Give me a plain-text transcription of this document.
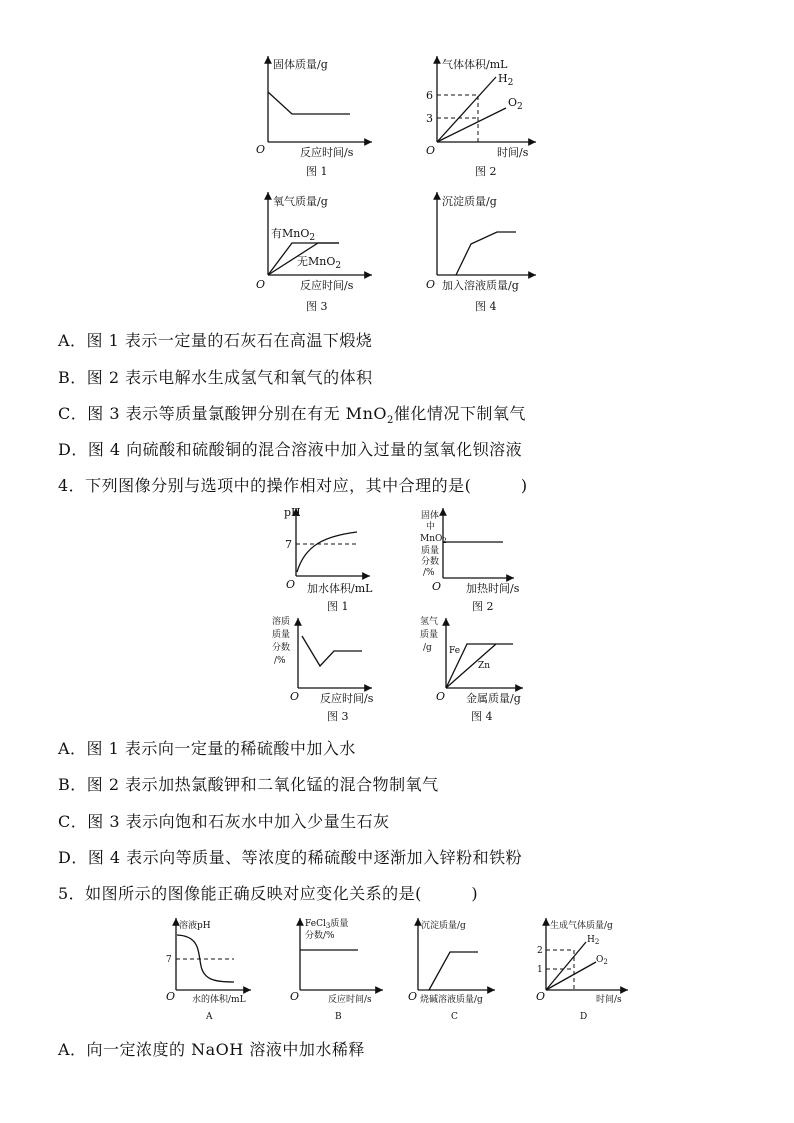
固体质量/g
O	反应时间/s
图 1
气体体积/mL
6
3
$H_2$
$O_2$
O	时间/s
图 2
氧气质量/g
有MnO$_2$
无MnO$_2$
O	反应时间/s
图 3
沉淀质量/g
O 加入溶液质量/g
图 4
pH
7
O 加水体积/mL
图 1
固体
中
MnO$_2$
质量
分数
/%
O 加热时间/s
图 2
溶质
质量
分数
/%
O 反应时间/s
图 3
氢气
质量
/g Fe
Zn
O 金属质量/g
图 4
溶液pH
7
O 水的体积/mL
A
FeCl$_3$质量
分数/%
O	反应时间/s
B
沉淀质量/g
O 烧碱溶液质量/g
C
生成气体质量/g
2
1
$H_2$
$O_2$
O	时间/s
D
A．图 1 表示一定量的石灰石在高温下煅烧
B．图 2 表示电解水生成氢气和氧气的体积
C．图 3 表示等质量氯酸钾分别在有无 MnO$_2$催化情况下制氧气
D．图 4 向硫酸和硫酸铜的混合溶液中加入过量的氢氧化钡溶液
4．下列图像分别与选项中的操作相对应，其中合理的是(　　　)
A．图 1 表示向一定量的稀硫酸中加入水
B．图 2 表示加热氯酸钾和二氧化锰的混合物制氧气
C．图 3 表示向饱和石灰水中加入少量生石灰
D．图 4 表示向等质量、等浓度的稀硫酸中逐渐加入锌粉和铁粉
5．如图所示的图像能正确反映对应变化关系的是(　　　)
A．向一定浓度的 NaOH 溶液中加水稀释
